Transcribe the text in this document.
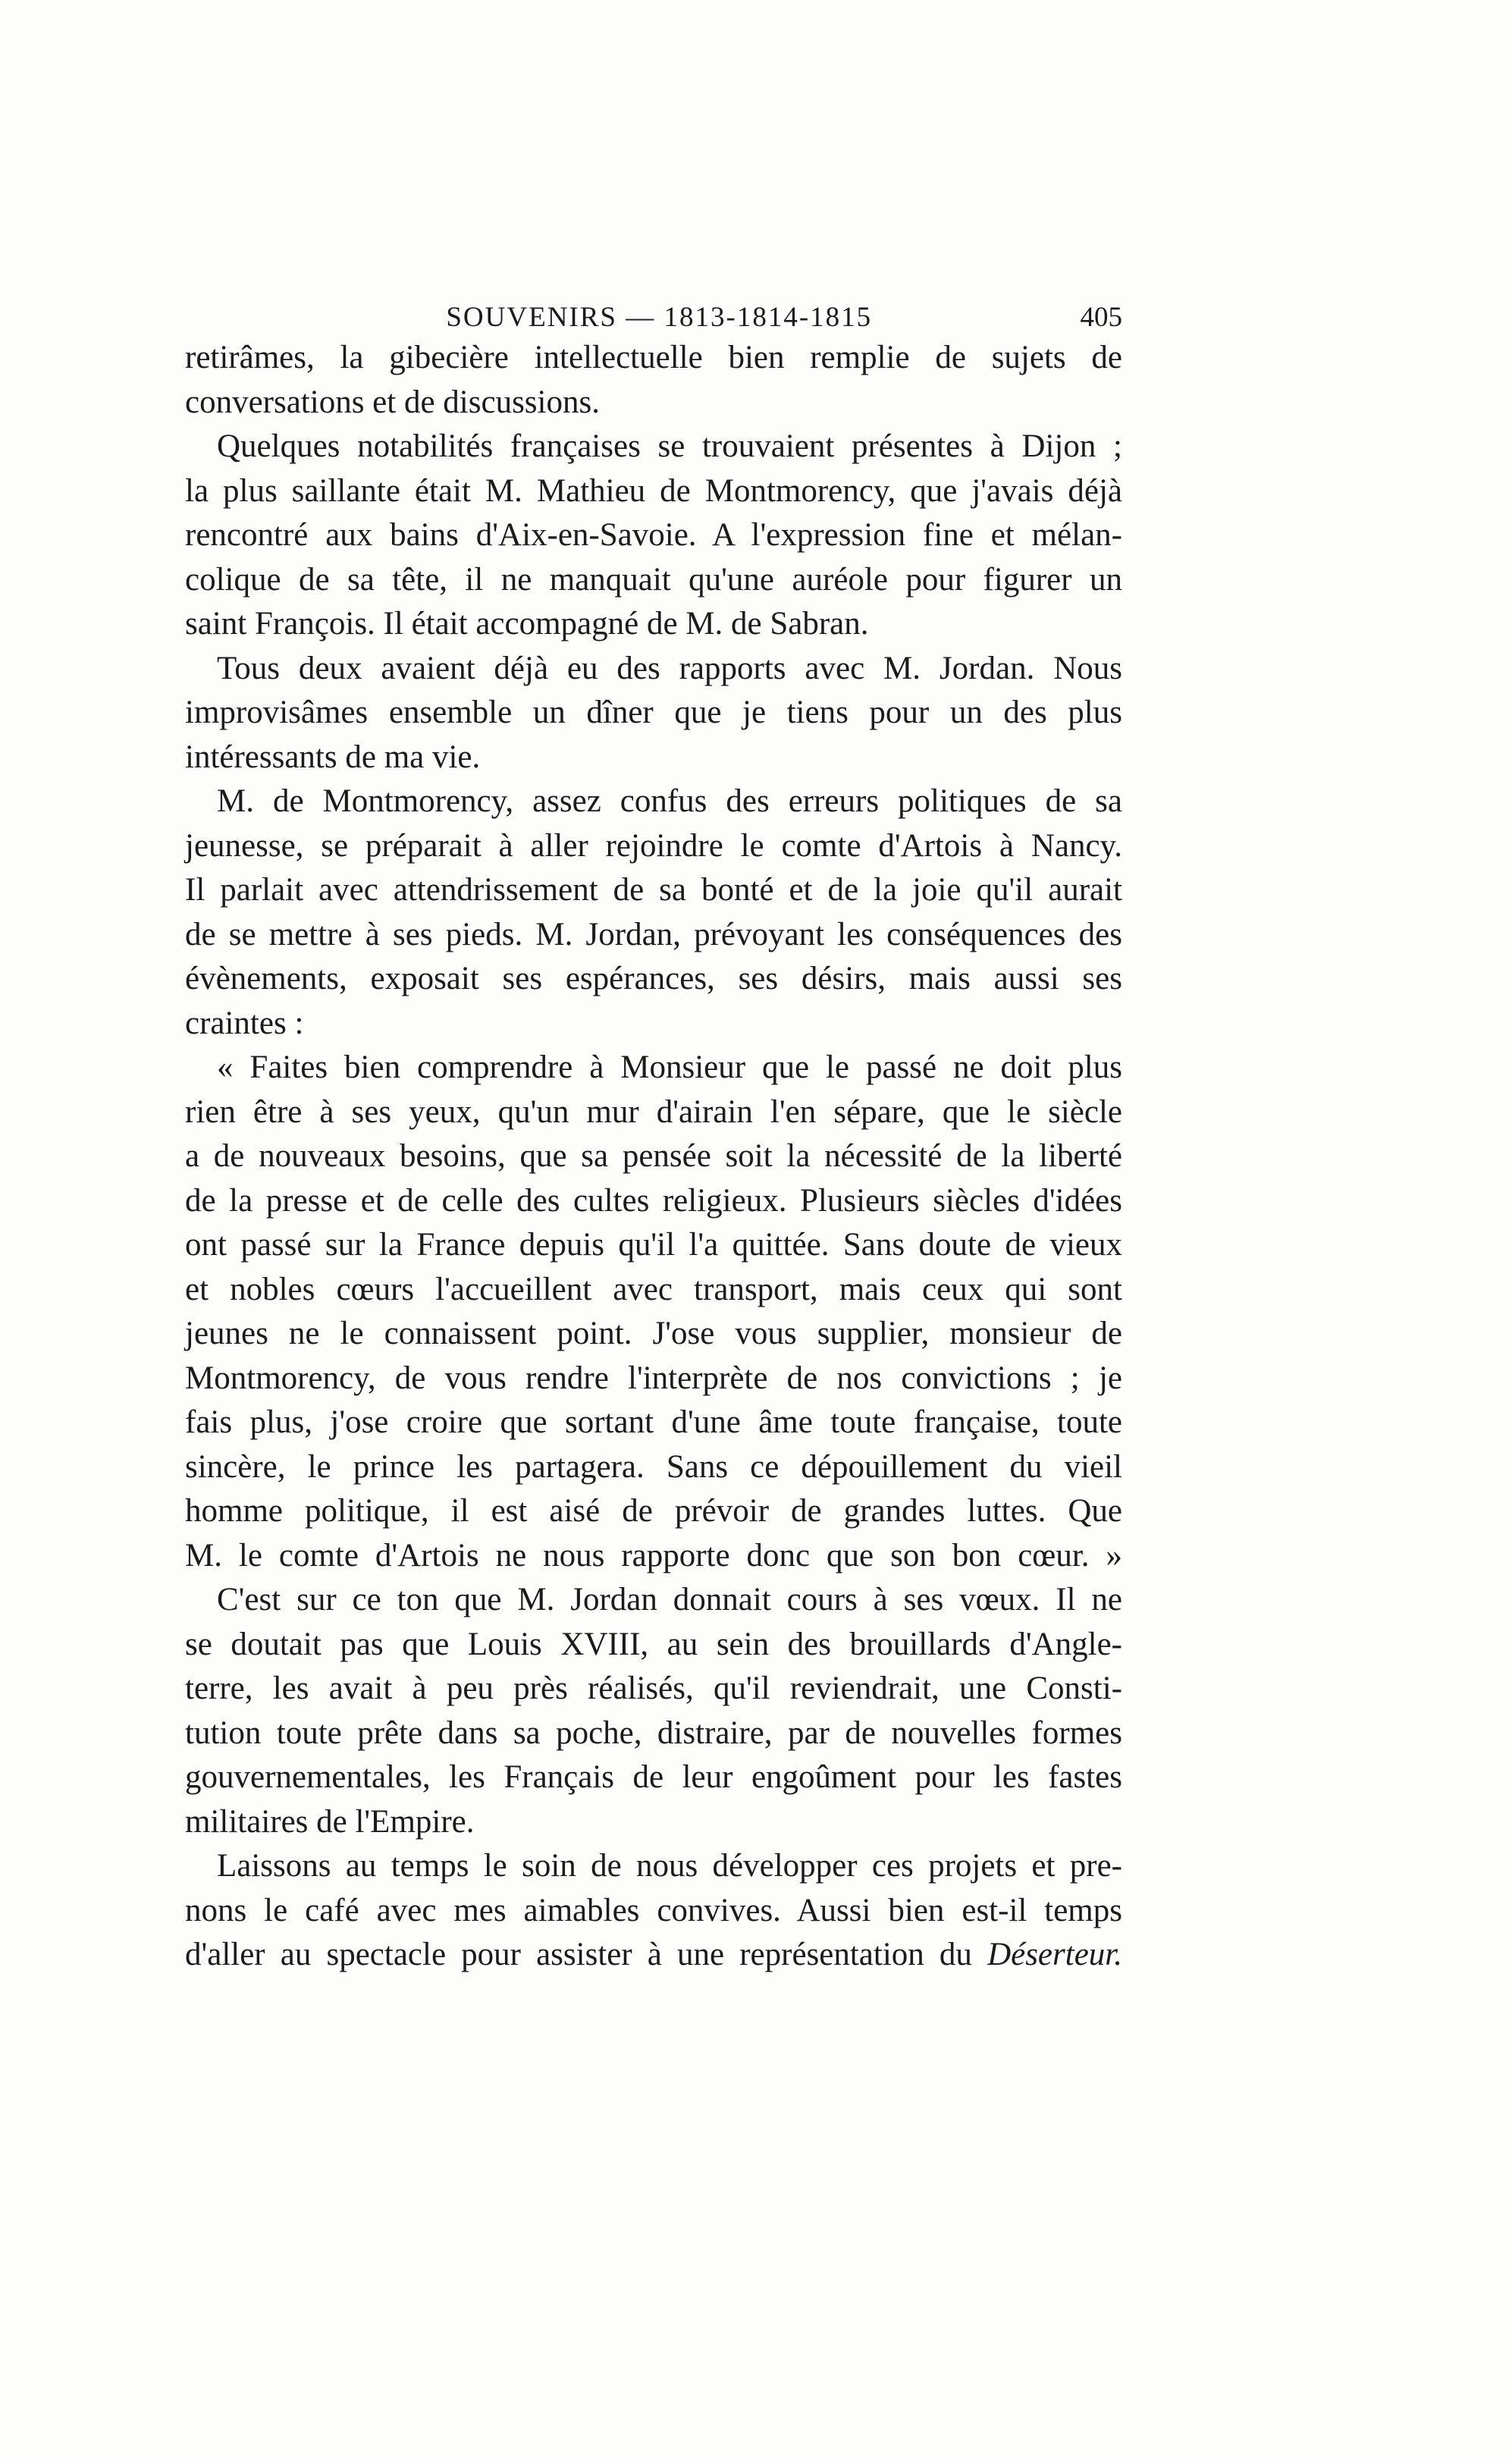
SOUVENIRS — 1813-1814-1815	405

retirâmes, la gibecière intellectuelle bien remplie de sujets de
conversations et de discussions.

Quelques notabilités françaises se trouvaient présentes à Dijon ;
la plus saillante était M. Mathieu de Montmorency, que j'avais déjà
rencontré aux bains d'Aix-en-Savoie. A l'expression fine et mélan-
colique de sa tête, il ne manquait qu'une auréole pour figurer un
saint François. Il était accompagné de M. de Sabran.

Tous deux avaient déjà eu des rapports avec M. Jordan. Nous
improvisâmes ensemble un dîner que je tiens pour un des plus
intéressants de ma vie.

M. de Montmorency, assez confus des erreurs politiques de sa
jeunesse, se préparait à aller rejoindre le comte d'Artois à Nancy.
Il parlait avec attendrissement de sa bonté et de la joie qu'il aurait
de se mettre à ses pieds. M. Jordan, prévoyant les conséquences des
évènements, exposait ses espérances, ses désirs, mais aussi ses
craintes :

« Faites bien comprendre à Monsieur que le passé ne doit plus
rien être à ses yeux, qu'un mur d'airain l'en sépare, que le siècle
a de nouveaux besoins, que sa pensée soit la nécessité de la liberté
de la presse et de celle des cultes religieux. Plusieurs siècles d'idées
ont passé sur la France depuis qu'il l'a quittée. Sans doute de vieux
et nobles cœurs l'accueillent avec transport, mais ceux qui sont
jeunes ne le connaissent point. J'ose vous supplier, monsieur de
Montmorency, de vous rendre l'interprète de nos convictions ; je
fais plus, j'ose croire que sortant d'une âme toute française, toute
sincère, le prince les partagera. Sans ce dépouillement du vieil
homme politique, il est aisé de prévoir de grandes luttes. Que
M. le comte d'Artois ne nous rapporte donc que son bon cœur. »

C'est sur ce ton que M. Jordan donnait cours à ses vœux. Il ne
se doutait pas que Louis XVIII, au sein des brouillards d'Angle-
terre, les avait à peu près réalisés, qu'il reviendrait, une Consti-
tution toute prête dans sa poche, distraire, par de nouvelles formes
gouvernementales, les Français de leur engoûment pour les fastes
militaires de l'Empire.

Laissons au temps le soin de nous développer ces projets et pre-
nons le café avec mes aimables convives. Aussi bien est-il temps
d'aller au spectacle pour assister à une représentation du Déserteur.
